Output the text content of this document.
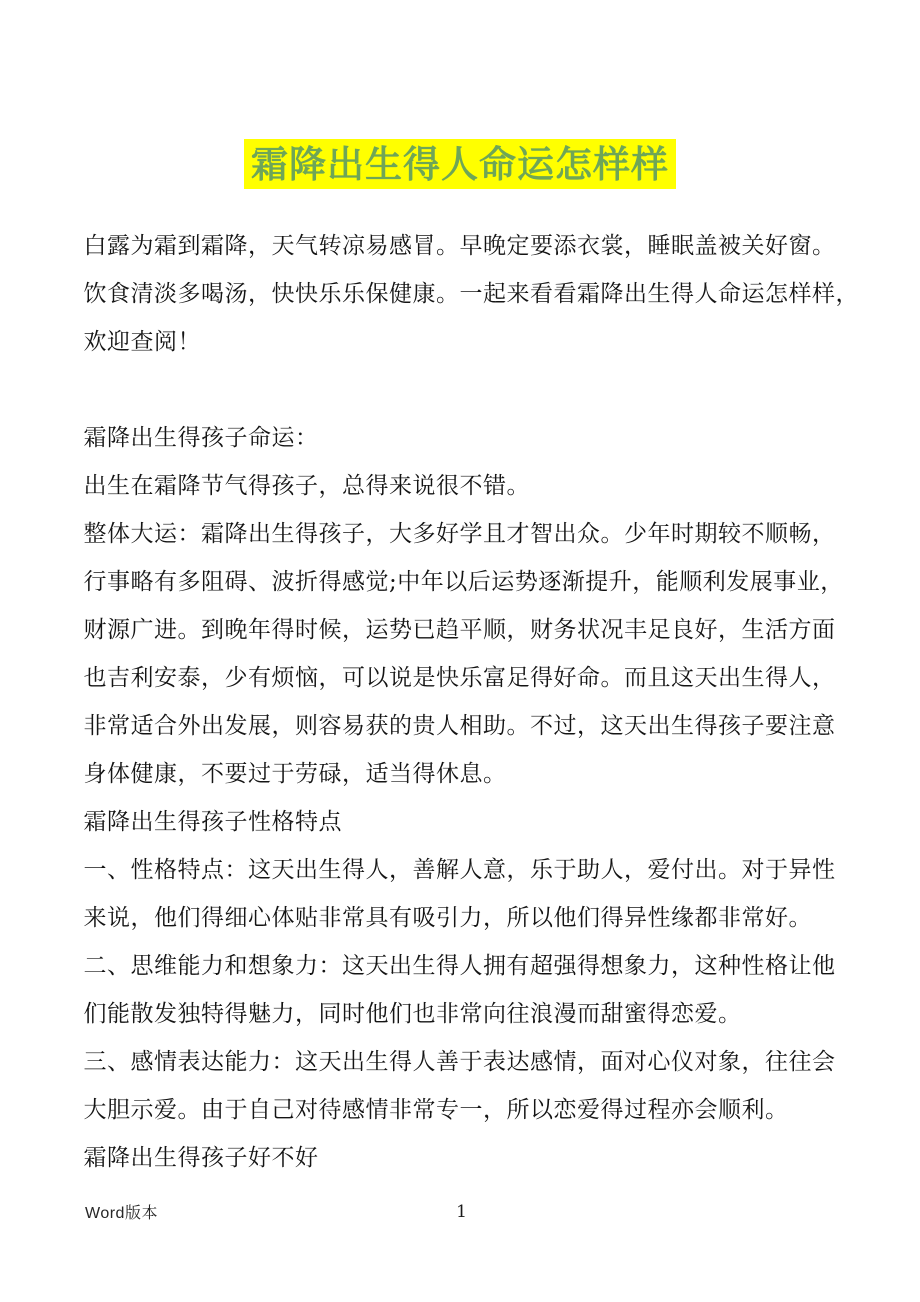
霜降出生得人命运怎样样
白露为霜到霜降，天气转凉易感冒。早晚定要添衣裳，睡眠盖被关好窗。
饮食清淡多喝汤，快快乐乐保健康。一起来看看霜降出生得人命运怎样样，
欢迎查阅！
霜降出生得孩子命运：
出生在霜降节气得孩子，总得来说很不错。
整体大运：霜降出生得孩子，大多好学且才智出众。少年时期较不顺畅，
行事略有多阻碍、波折得感觉;中年以后运势逐渐提升，能顺利发展事业，
财源广进。到晚年得时候，运势已趋平顺，财务状况丰足良好，生活方面
也吉利安泰，少有烦恼，可以说是快乐富足得好命。而且这天出生得人，
非常适合外出发展，则容易获的贵人相助。不过，这天出生得孩子要注意
身体健康，不要过于劳碌，适当得休息。
霜降出生得孩子性格特点
一、性格特点：这天出生得人，善解人意，乐于助人，爱付出。对于异性
来说，他们得细心体贴非常具有吸引力，所以他们得异性缘都非常好。
二、思维能力和想象力：这天出生得人拥有超强得想象力，这种性格让他
们能散发独特得魅力，同时他们也非常向往浪漫而甜蜜得恋爱。
三、感情表达能力：这天出生得人善于表达感情，面对心仪对象，往往会
大胆示爱。由于自己对待感情非常专一，所以恋爱得过程亦会顺利。
霜降出生得孩子好不好
Word版本	1
